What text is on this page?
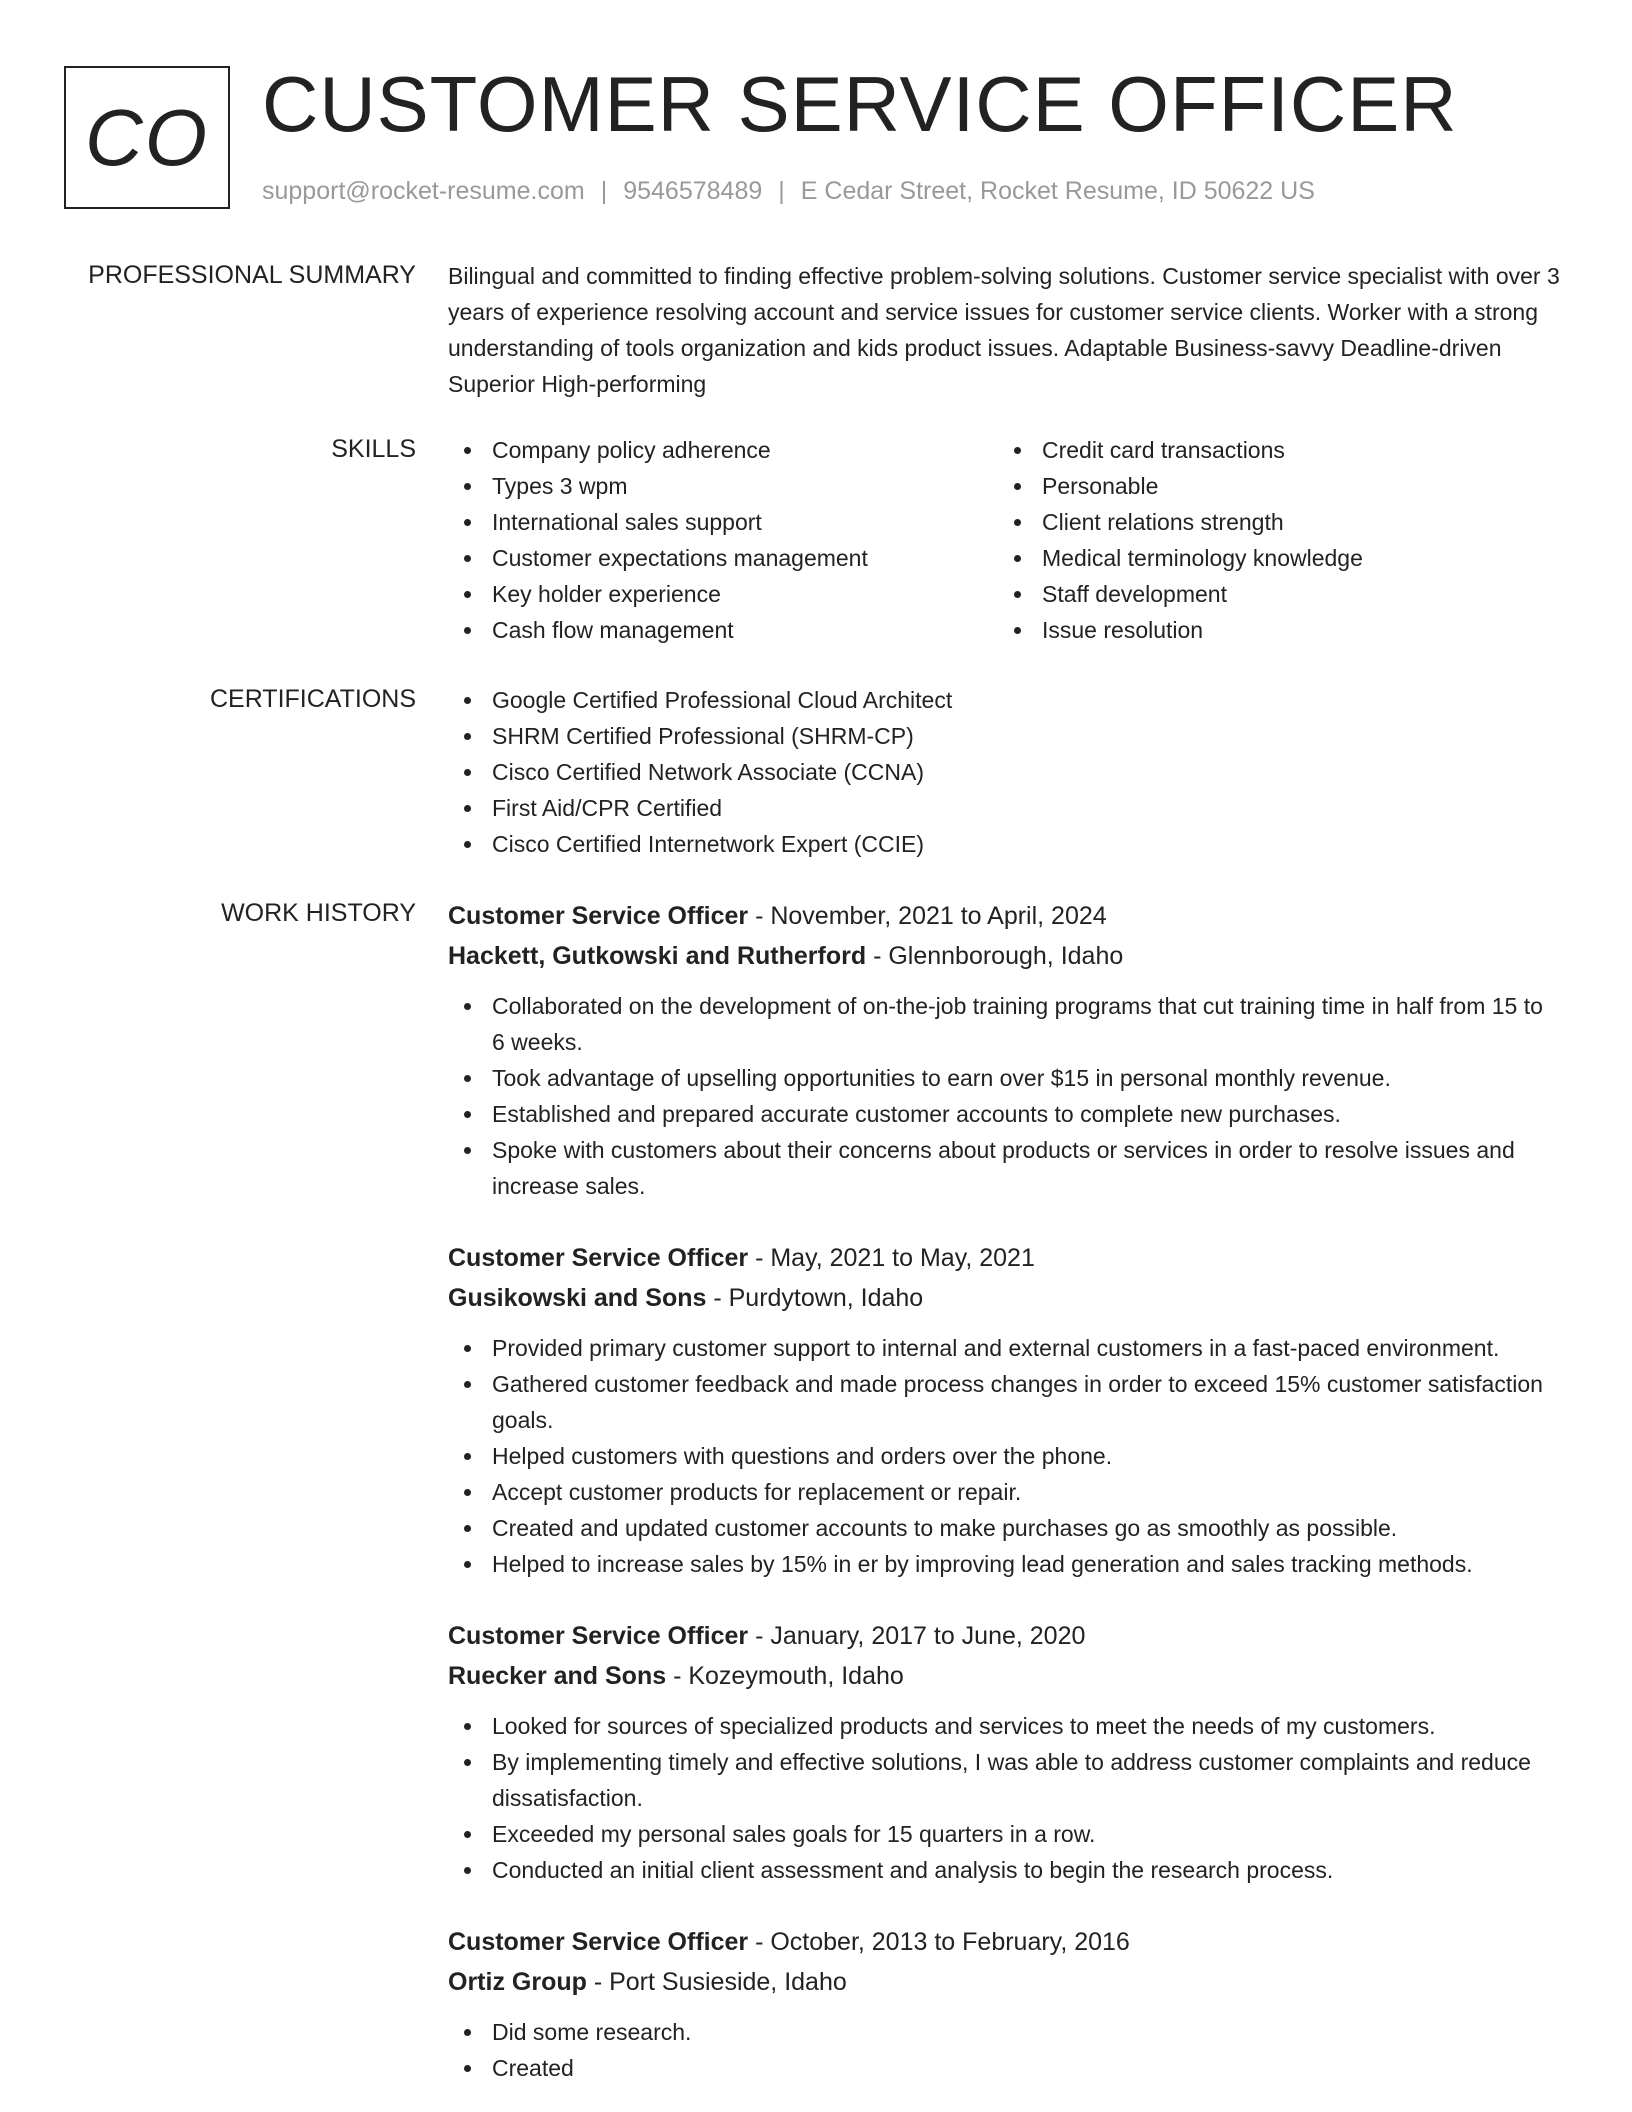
CO CUSTOMER SERVICE OFFICER
support@rocket-resume.com | 9546578489 | E Cedar Street, Rocket Resume, ID 50622 US
PROFESSIONAL SUMMARY Bilingual and committed to finding effective problem-solving solutions. Customer service specialist with over 3 years of experience resolving account and service issues for customer service clients. Worker with a strong understanding of tools organization and kids product issues. Adaptable Business-savvy Deadline-driven Superior High-performing
SKILLS	Company policy adherence
Types 3 wpm
International sales support
Customer expectations management
Key holder experience
Cash flow management
Credit card transactions
Personable
Client relations strength
Medical terminology knowledge
Staff development
Issue resolution
CERTIFICATIONS	Google Certified Professional Cloud Architect
SHRM Certified Professional (SHRM-CP)
Cisco Certified Network Associate (CCNA)
First Aid/CPR Certified
Cisco Certified Internetwork Expert (CCIE)
WORK HISTORY Customer Service Officer - November, 2021 to April, 2024
Hackett, Gutkowski and Rutherford - Glennborough, Idaho
Collaborated on the development of on-the-job training programs that cut training time in half from 15 to 6 weeks.
Took advantage of upselling opportunities to earn over $15 in personal monthly revenue.
Established and prepared accurate customer accounts to complete new purchases.
Spoke with customers about their concerns about products or services in order to resolve issues and increase sales.
Customer Service Officer - May, 2021 to May, 2021
Gusikowski and Sons - Purdytown, Idaho
Provided primary customer support to internal and external customers in a fast-paced environment.
Gathered customer feedback and made process changes in order to exceed 15% customer satisfaction goals.
Helped customers with questions and orders over the phone.
Accept customer products for replacement or repair.
Created and updated customer accounts to make purchases go as smoothly as possible.
Helped to increase sales by 15% in er by improving lead generation and sales tracking methods.
Customer Service Officer - January, 2017 to June, 2020
Ruecker and Sons - Kozeymouth, Idaho
Looked for sources of specialized products and services to meet the needs of my customers.
By implementing timely and effective solutions, I was able to address customer complaints and reduce dissatisfaction.
Exceeded my personal sales goals for 15 quarters in a row.
Conducted an initial client assessment and analysis to begin the research process.
Customer Service Officer - October, 2013 to February, 2016
Ortiz Group - Port Susieside, Idaho
Did some research.
Created
